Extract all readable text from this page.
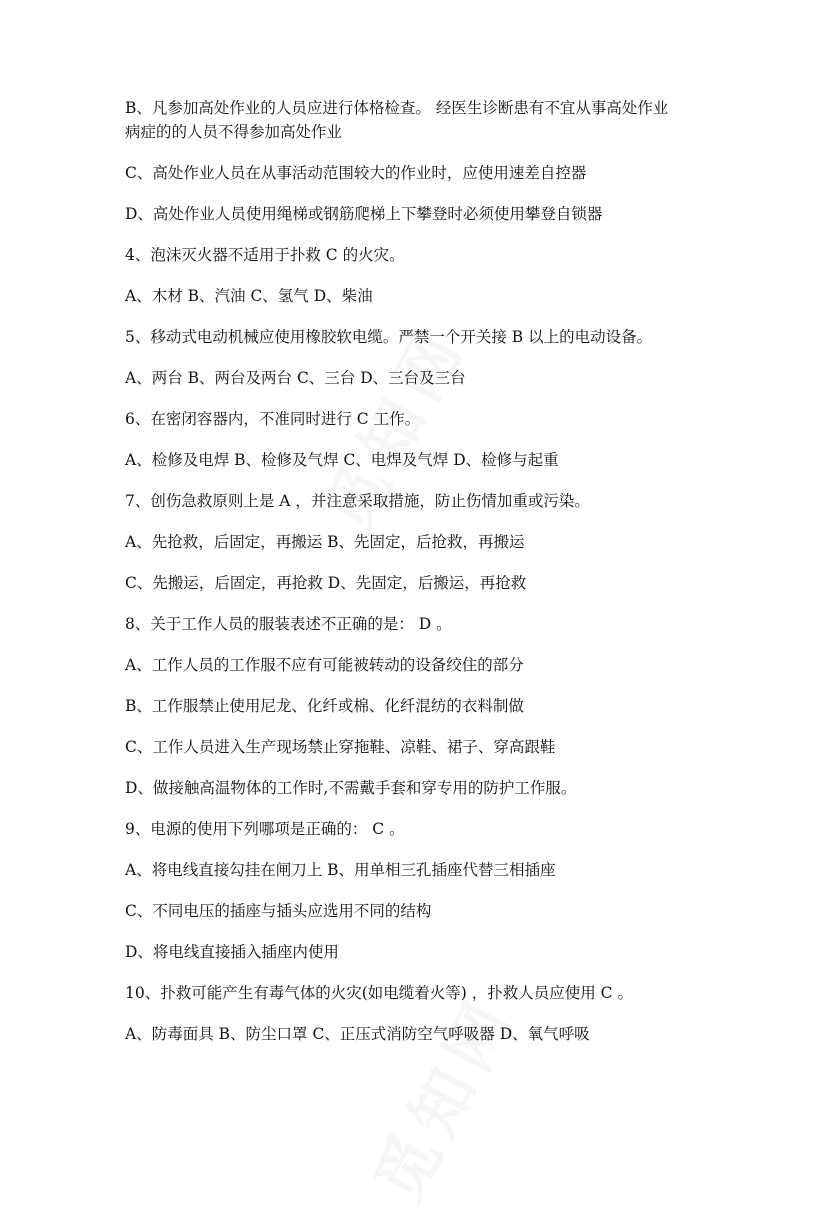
B、凡参加高处作业的人员应进行体格检查。 经医生诊断患有不宜从事高处作业

病症的的人员不得参加高处作业

C、高处作业人员在从事活动范围较大的作业时，应使用速差自控器

D、高处作业人员使用绳梯或钢筋爬梯上下攀登时必须使用攀登自锁器

4、泡沫灭火器不适用于扑救 C 的火灾。

A、木材 B、汽油 C、氢气 D、柴油

5、移动式电动机械应使用橡胶软电缆。严禁一个开关接 B 以上的电动设备。

A、两台 B、两台及两台 C、三台 D、三台及三台

6、在密闭容器内，不准同时进行 C 工作。

A、检修及电焊 B、检修及气焊 C、电焊及气焊 D、检修与起重

7、创伤急救原则上是 A ，并注意采取措施，防止伤情加重或污染。

A、先抢救，后固定，再搬运 B、先固定，后抢救，再搬运

C、先搬运，后固定，再抢救 D、先固定，后搬运，再抢救

8、关于工作人员的服装表述不正确的是： D 。

A、工作人员的工作服不应有可能被转动的设备绞住的部分

B、工作服禁止使用尼龙、化纤或棉、化纤混纺的衣料制做

C、工作人员进入生产现场禁止穿拖鞋、凉鞋、裙子、穿高跟鞋

D、做接触高温物体的工作时,不需戴手套和穿专用的防护工作服。

9、电源的使用下列哪项是正确的： C 。

A、将电线直接勾挂在闸刀上 B、用单相三孔插座代替三相插座

C、不同电压的插座与插头应选用不同的结构

D、将电线直接插入插座内使用

10、扑救可能产生有毒气体的火灾(如电缆着火等) ，扑救人员应使用 C 。

A、防毒面具 B、防尘口罩 C、正压式消防空气呼吸器 D、氧气呼吸
